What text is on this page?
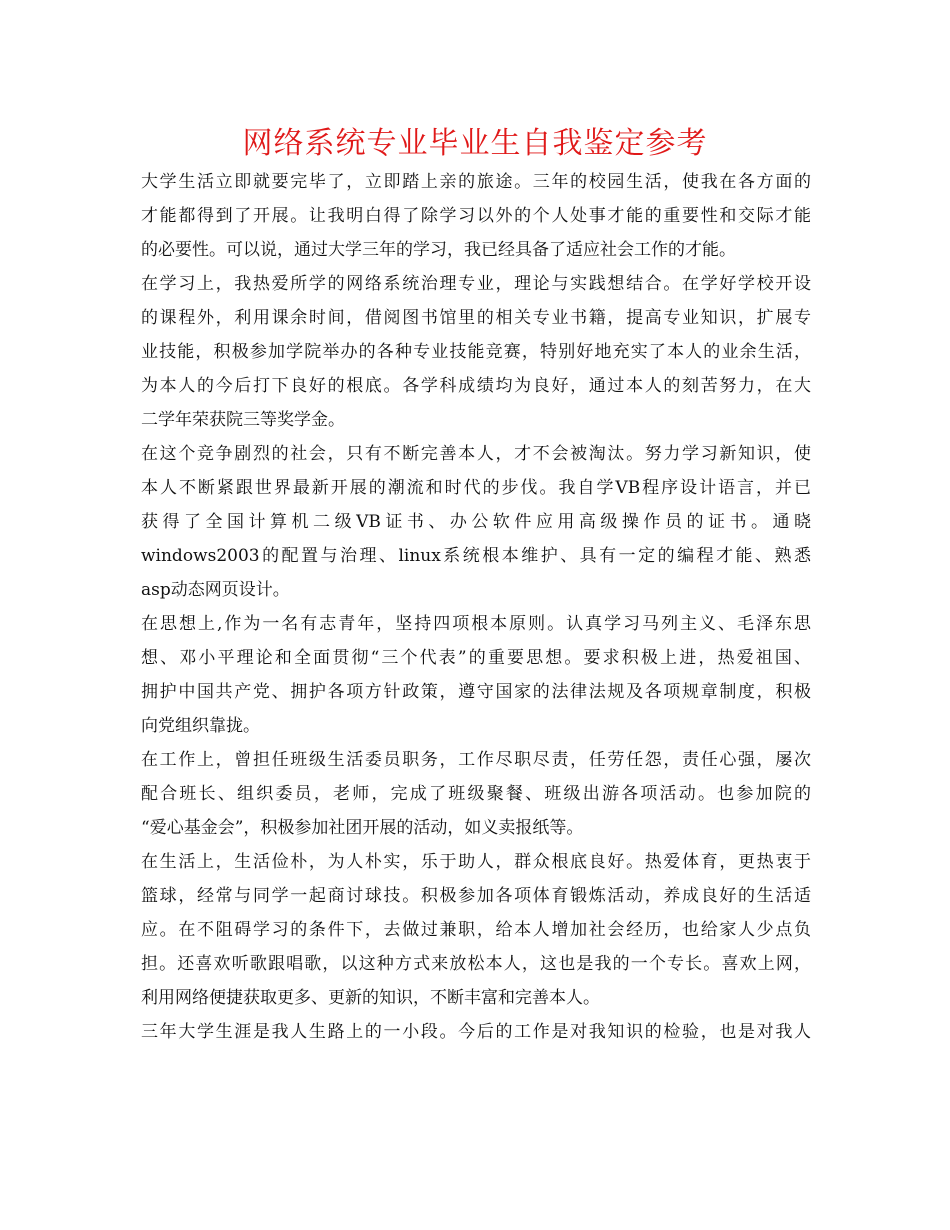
网络系统专业毕业生自我鉴定参考
大学生活立即就要完毕了，立即踏上亲的旅途。三年的校园生活，使我在各方面的
才能都得到了开展。让我明白得了除学习以外的个人处事才能的重要性和交际才能
的必要性。可以说，通过大学三年的学习，我已经具备了适应社会工作的才能。
在学习上，我热爱所学的网络系统治理专业，理论与实践想结合。在学好学校开设
的课程外，利用课余时间，借阅图书馆里的相关专业书籍，提高专业知识，扩展专
业技能，积极参加学院举办的各种专业技能竞赛，特别好地充实了本人的业余生活，
为本人的今后打下良好的根底。各学科成绩均为良好，通过本人的刻苦努力，在大
二学年荣获院三等奖学金。
在这个竞争剧烈的社会，只有不断完善本人，才不会被淘汰。努力学习新知识，使
本人不断紧跟世界最新开展的潮流和时代的步伐。我自学VB程序设计语言，并已
获得了全国计算机二级VB证书、办公软件应用高级操作员的证书。通晓
windows2003的配置与治理、linux系统根本维护、具有一定的编程才能、熟悉
asp动态网页设计。
在思想上,作为一名有志青年，坚持四项根本原则。认真学习马列主义、毛泽东思
想、邓小平理论和全面贯彻“三个代表”的重要思想。要求积极上进，热爱祖国、
拥护中国共产党、拥护各项方针政策，遵守国家的法律法规及各项规章制度，积极
向党组织靠拢。
在工作上，曾担任班级生活委员职务，工作尽职尽责，任劳任怨，责任心强，屡次
配合班长、组织委员，老师，完成了班级聚餐、班级出游各项活动。也参加院的
“爱心基金会”，积极参加社团开展的活动，如义卖报纸等。
在生活上，生活俭朴，为人朴实，乐于助人，群众根底良好。热爱体育，更热衷于
篮球，经常与同学一起商讨球技。积极参加各项体育锻炼活动，养成良好的生活适
应。在不阻碍学习的条件下，去做过兼职，给本人增加社会经历，也给家人少点负
担。还喜欢听歌跟唱歌，以这种方式来放松本人，这也是我的一个专长。喜欢上网，
利用网络便捷获取更多、更新的知识，不断丰富和完善本人。
三年大学生涯是我人生路上的一小段。今后的工作是对我知识的检验，也是对我人
